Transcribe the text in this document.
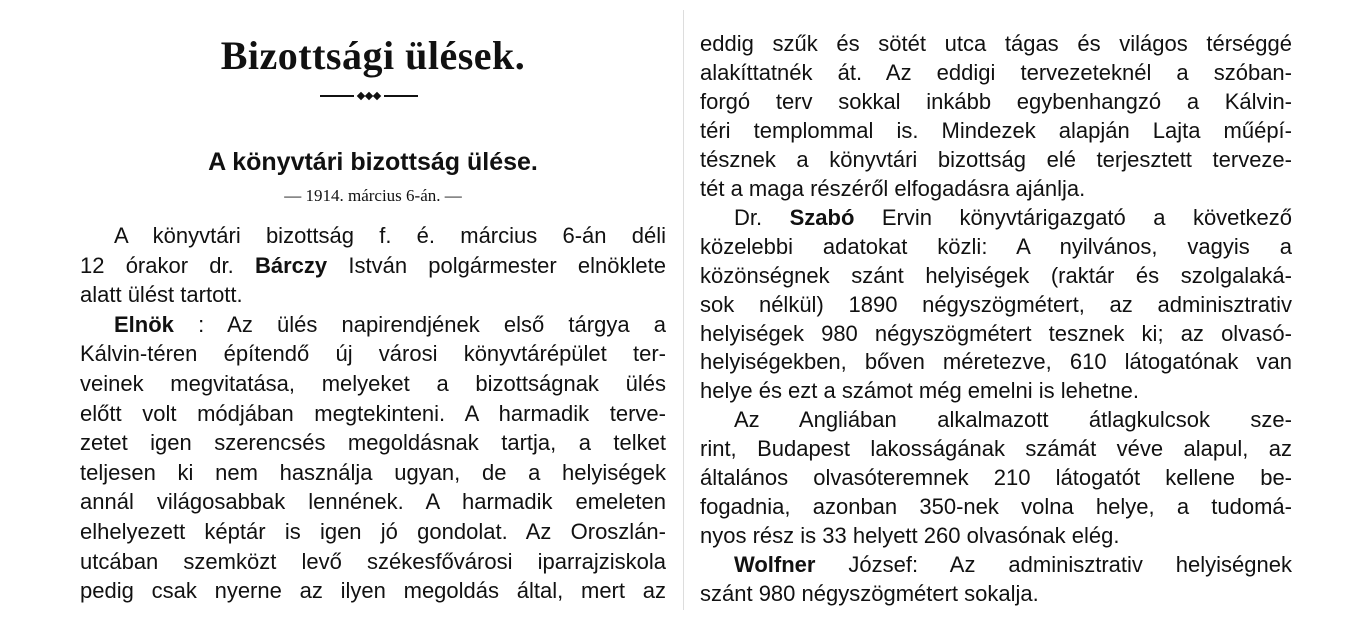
Bizottsági ülések.
A könyvtári bizottság ülése.
— 1914. március 6-án. —
A könyvtári bizottság f. é. március 6-án déli
12 órakor dr. Bárczy István polgármester elnöklete
alatt ülést tartott.
Elnök : Az ülés napirendjének első tárgya a
Kálvin-téren építendő új városi könyvtárépület ter-
veinek megvitatása, melyeket a bizottságnak ülés
előtt volt módjában megtekinteni. A harmadik terve-
zetet igen szerencsés megoldásnak tartja, a telket
teljesen ki nem használja ugyan, de a helyiségek
annál világosabbak lennének. A harmadik emeleten
elhelyezett képtár is igen jó gondolat. Az Oroszlán-
utcában szemközt levő székesfővárosi iparrajziskola
pedig csak nyerne az ilyen megoldás által, mert az
eddig szűk és sötét utca tágas és világos térséggé
alakíttatnék át. Az eddigi tervezeteknél a szóban-
forgó terv sokkal inkább egybenhangzó a Kálvin-
téri templommal is. Mindezek alapján Lajta műépí-
tésznek a könyvtári bizottság elé terjesztett terveze-
tét a maga részéről elfogadásra ajánlja.
Dr. Szabó Ervin könyvtárigazgató a következő
közelebbi adatokat közli: A nyilvános, vagyis a
közönségnek szánt helyiségek (raktár és szolgalaká-
sok nélkül) 1890 négyszögmétert, az adminisztrativ
helyiségek 980 négyszögmétert tesznek ki; az olvasó-
helyiségekben, bőven méretezve, 610 látogatónak van
helye és ezt a számot még emelni is lehetne.
Az Angliában alkalmazott átlagkulcsok sze-
rint, Budapest lakosságának számát véve alapul, az
általános olvasóteremnek 210 látogatót kellene be-
fogadnia, azonban 350-nek volna helye, a tudomá-
nyos rész is 33 helyett 260 olvasónak elég.
Wolfner József: Az adminisztrativ helyiségnek
szánt 980 négyszögmétert sokalja.
